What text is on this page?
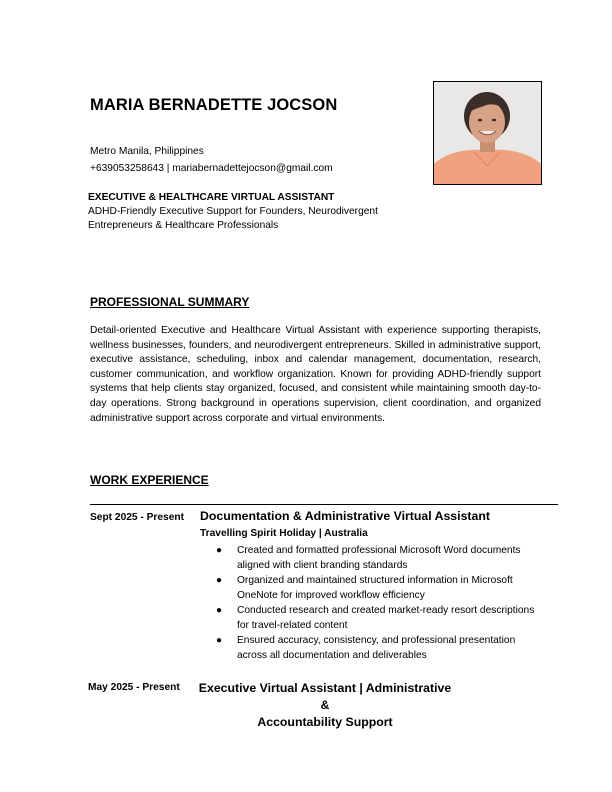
MARIA BERNADETTE JOCSON
Metro Manila, Philippines
+639053258643 | mariabernadettejocson@gmail.com
EXECUTIVE & HEALTHCARE VIRTUAL ASSISTANT
ADHD-Friendly Executive Support for Founders, Neurodivergent
Entrepreneurs & Healthcare Professionals
PROFESSIONAL SUMMARY
Detail-oriented Executive and Healthcare Virtual Assistant with experience supporting therapists, wellness businesses, founders, and neurodivergent entrepreneurs. Skilled in administrative support, executive assistance, scheduling, inbox and calendar management, documentation, research, customer communication, and workflow organization. Known for providing ADHD-friendly support systems that help clients stay organized, focused, and consistent while maintaining smooth day-to-day operations. Strong background in operations supervision, client coordination, and organized administrative support across corporate and virtual environments.
WORK EXPERIENCE
Sept 2025 - Present Documentation & Administrative Virtual Assistant
Travelling Spirit Holiday | Australia
● Created and formatted professional Microsoft Word documents aligned with client branding standards
● Organized and maintained structured information in Microsoft OneNote for improved workflow efficiency
● Conducted research and created market-ready resort descriptions for travel-related content
● Ensured accuracy, consistency, and professional presentation across all documentation and deliverables
May 2025 - Present	Executive Virtual Assistant | Administrative &
Accountability Support
